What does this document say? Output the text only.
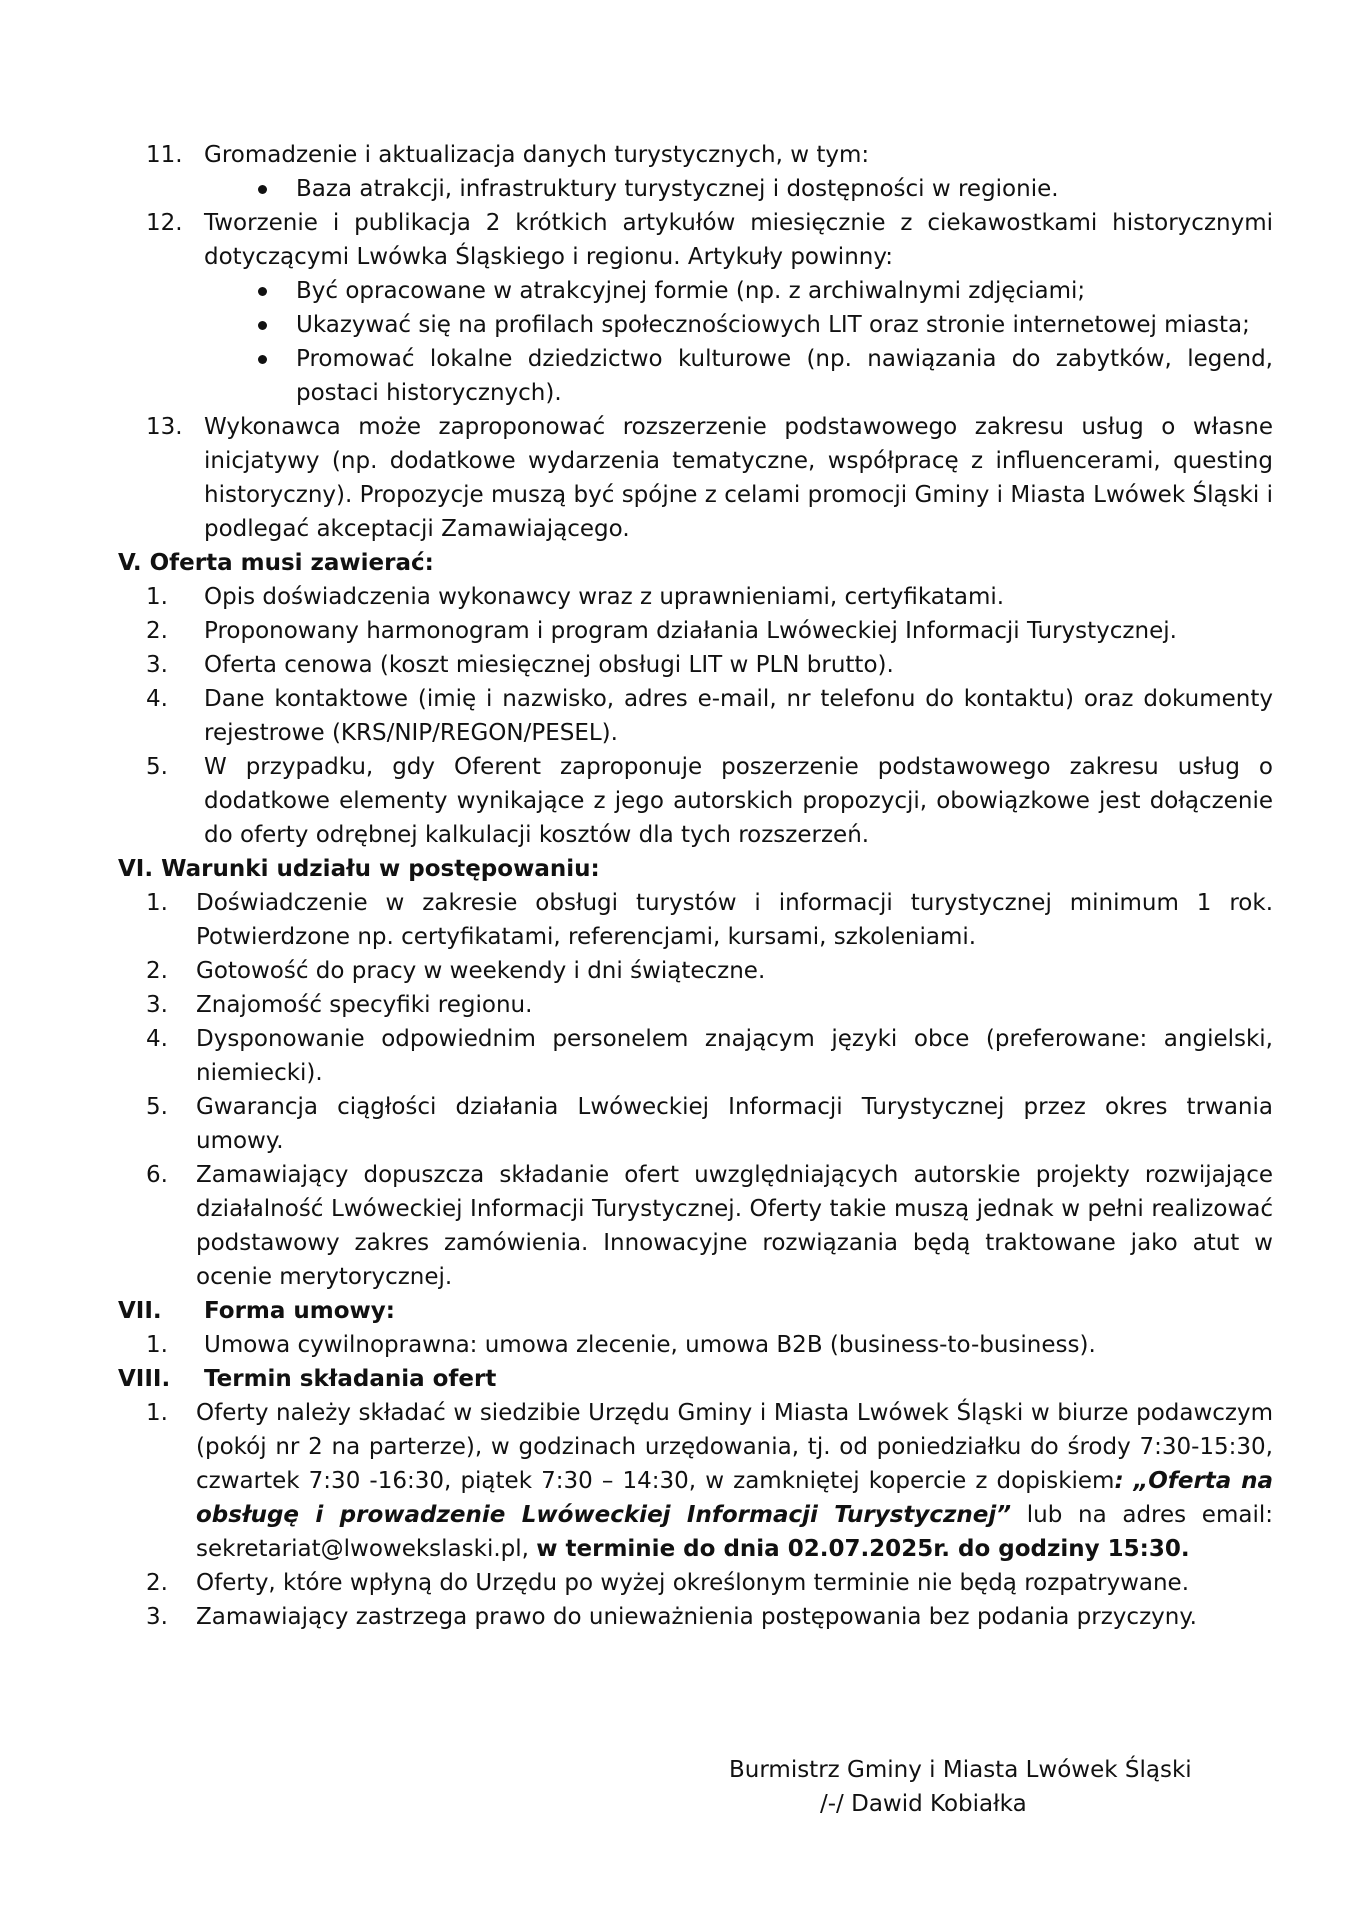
11. Gromadzenie i aktualizacja danych turystycznych, w tym:
Baza atrakcji, infrastruktury turystycznej i dostępności w regionie.
12. Tworzenie i publikacja 2 krótkich artykułów miesięcznie z ciekawostkami historycznymi dotyczącymi Lwówka Śląskiego i regionu. Artykuły powinny:
Być opracowane w atrakcyjnej formie (np. z archiwalnymi zdjęciami;
Ukazywać się na profilach społecznościowych LIT oraz stronie internetowej miasta;
Promować lokalne dziedzictwo kulturowe (np. nawiązania do zabytków, legend, postaci historycznych).
13. Wykonawca może zaproponować rozszerzenie podstawowego zakresu usług o własne inicjatywy (np. dodatkowe wydarzenia tematyczne, współpracę z influencerami, questing historyczny). Propozycje muszą być spójne z celami promocji Gminy i Miasta Lwówek Śląski i podlegać akceptacji Zamawiającego.
V. Oferta musi zawierać:
1. Opis doświadczenia wykonawcy wraz z uprawnieniami, certyfikatami.
2. Proponowany harmonogram i program działania Lwóweckiej Informacji Turystycznej.
3. Oferta cenowa (koszt miesięcznej obsługi LIT w PLN brutto).
4. Dane kontaktowe (imię i nazwisko, adres e-mail, nr telefonu do kontaktu) oraz dokumenty rejestrowe (KRS/NIP/REGON/PESEL).
5. W przypadku, gdy Oferent zaproponuje poszerzenie podstawowego zakresu usług o dodatkowe elementy wynikające z jego autorskich propozycji, obowiązkowe jest dołączenie do oferty odrębnej kalkulacji kosztów dla tych rozszerzeń.
VI. Warunki udziału w postępowaniu:
1. Doświadczenie w zakresie obsługi turystów i informacji turystycznej minimum 1 rok. Potwierdzone np. certyfikatami, referencjami, kursami, szkoleniami.
2. Gotowość do pracy w weekendy i dni świąteczne.
3. Znajomość specyfiki regionu.
4. Dysponowanie odpowiednim personelem znającym języki obce (preferowane: angielski, niemiecki).
5. Gwarancja ciągłości działania Lwóweckiej Informacji Turystycznej przez okres trwania umowy.
6. Zamawiający dopuszcza składanie ofert uwzględniających autorskie projekty rozwijające działalność Lwóweckiej Informacji Turystycznej. Oferty takie muszą jednak w pełni realizować podstawowy zakres zamówienia. Innowacyjne rozwiązania będą traktowane jako atut w ocenie merytorycznej.
VII. Forma umowy:
1. Umowa cywilnoprawna: umowa zlecenie, umowa B2B (business-to-business).
VIII. Termin składania ofert
1. Oferty należy składać w siedzibie Urzędu Gminy i Miasta Lwówek Śląski w biurze podawczym (pokój nr 2 na parterze), w godzinach urzędowania, tj. od poniedziałku do środy 7:30-15:30, czwartek 7:30 -16:30, piątek 7:30 – 14:30, w zamkniętej kopercie z dopiskiem: „Oferta na obsługę i prowadzenie Lwóweckiej Informacji Turystycznej” lub na adres email: sekretariat@lwowekslaski.pl, w terminie do dnia 02.07.2025r. do godziny 15:30.
2. Oferty, które wpłyną do Urzędu po wyżej określonym terminie nie będą rozpatrywane.
3. Zamawiający zastrzega prawo do unieważnienia postępowania bez podania przyczyny.
Burmistrz Gminy i Miasta Lwówek Śląski
/-/ Dawid Kobiałka
